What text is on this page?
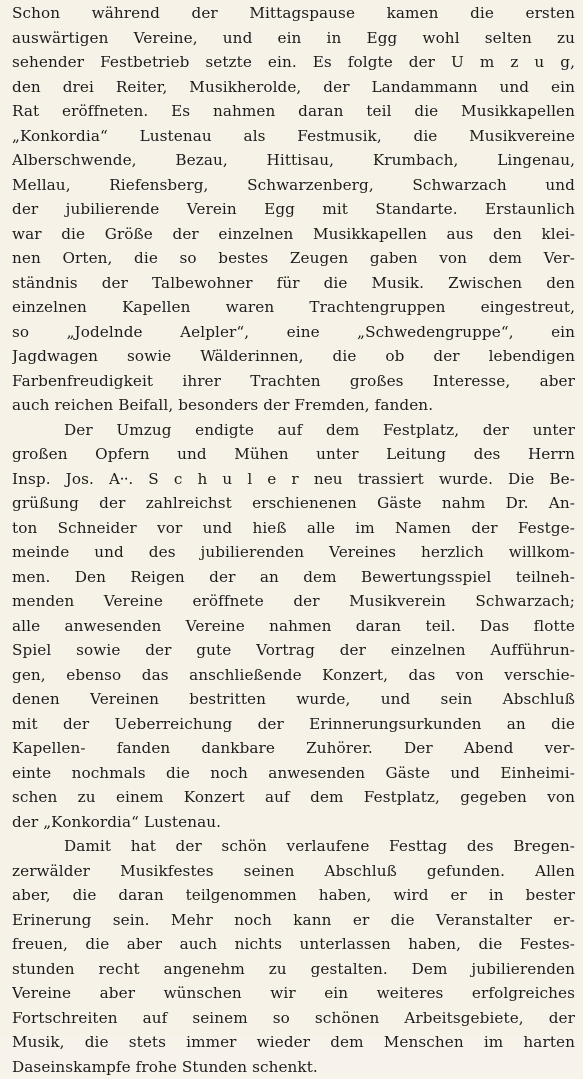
Schon während der Mittagspause kamen die ersten
auswärtigen Vereine, und ein in Egg wohl selten zu
sehender Festbetrieb setzte ein. Es folgte der U m z u g,
den drei Reiter, Musikherolde, der Landammann und ein
Rat eröffneten. Es nahmen daran teil die Musikkapellen
„Konkordia“ Lustenau als Festmusik, die Musikvereine
Alberschwende, Bezau, Hittisau, Krumbach, Lingenau,
Mellau, Riefensberg, Schwarzenberg, Schwarzach und
der jubilierende Verein Egg mit Standarte. Erstaunlich
war die Größe der einzelnen Musikkapellen aus den klei-
nen Orten, die so bestes Zeugen gaben von dem Ver-
ständnis der Talbewohner für die Musik. Zwischen den
einzelnen Kapellen waren Trachtengruppen eingestreut,
so „Jodelnde Aelpler“, eine „Schwedengruppe“, ein
Jagdwagen sowie Wälderinnen, die ob der lebendigen
Farbenfreudigkeit ihrer Trachten großes Interesse, aber
auch reichen Beifall, besonders der Fremden, fanden.
Der Umzug endigte auf dem Festplatz, der unter
großen Opfern und Mühen unter Leitung des Herrn
Insp. Jos. A⸱⸱. S c h u l e r neu trassiert wurde. Die Be-
grüßung der zahlreichst erschienenen Gäste nahm Dr. An-
ton Schneider vor und hieß alle im Namen der Festge-
meinde und des jubilierenden Vereines herzlich willkom-
men. Den Reigen der an dem Bewertungsspiel teilneh-
menden Vereine eröffnete der Musikverein Schwarzach;
alle anwesenden Vereine nahmen daran teil. Das flotte
Spiel sowie der gute Vortrag der einzelnen Aufführun-
gen, ebenso das anschließende Konzert, das von verschie-
denen Vereinen bestritten wurde, und sein Abschluß
mit der Ueberreichung der Erinnerungsurkunden an die
Kapellen- fanden dankbare Zuhörer. Der Abend ver-
einte nochmals die noch anwesenden Gäste und Einheimi-
schen zu einem Konzert auf dem Festplatz, gegeben von
der „Konkordia“ Lustenau.
Damit hat der schön verlaufene Festtag des Bregen-
zerwälder Musikfestes seinen Abschluß gefunden. Allen
aber, die daran teilgenommen haben, wird er in bester
Erinerung sein. Mehr noch kann er die Veranstalter er-
freuen, die aber auch nichts unterlassen haben, die Festes-
stunden recht angenehm zu gestalten. Dem jubilierenden
Vereine aber wünschen wir ein weiteres erfolgreiches
Fortschreiten auf seinem so schönen Arbeitsgebiete, der
Musik, die stets immer wieder dem Menschen im harten
Daseinskampfe frohe Stunden schenkt.
